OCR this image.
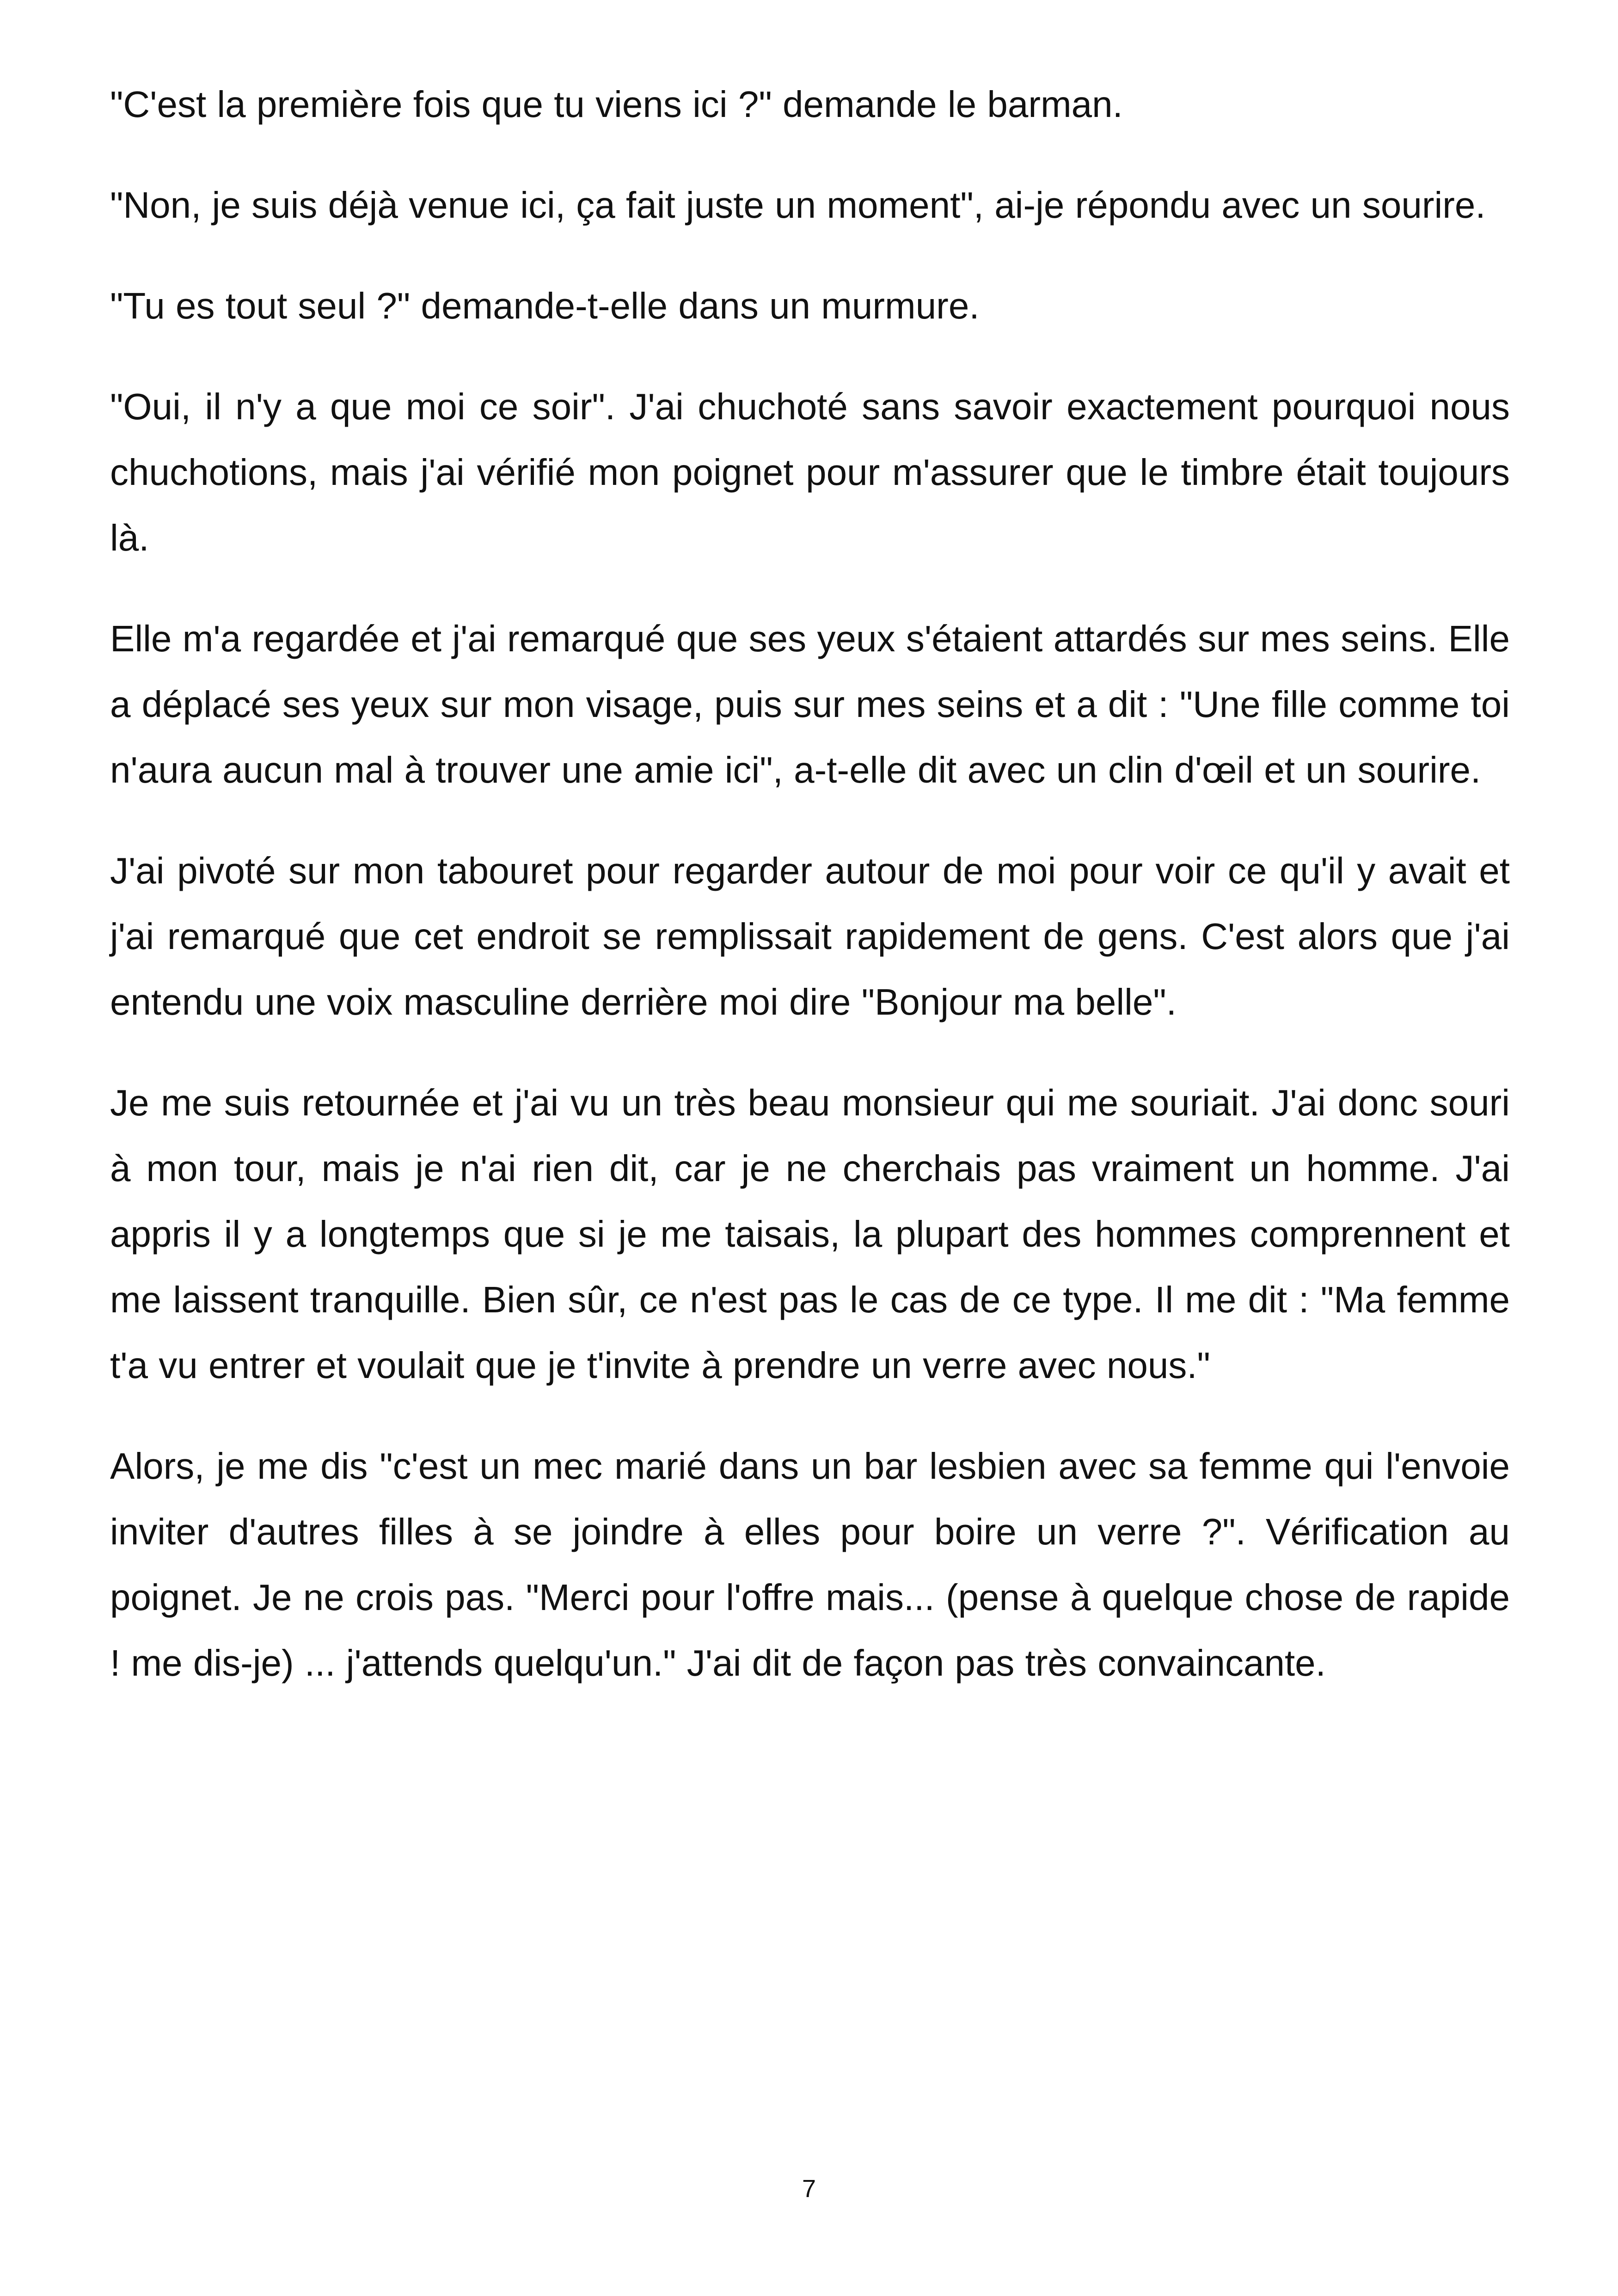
"C'est la première fois que tu viens ici ?" demande le barman.

"Non, je suis déjà venue ici, ça fait juste un moment", ai-je répondu avec un sourire.

"Tu es tout seul ?" demande-t-elle dans un murmure.

"Oui, il n'y a que moi ce soir". J'ai chuchoté sans savoir exactement pourquoi nous chuchotions, mais j'ai vérifié mon poignet pour m'assurer que le timbre était toujours là.

Elle m'a regardée et j'ai remarqué que ses yeux s'étaient attardés sur mes seins. Elle a déplacé ses yeux sur mon visage, puis sur mes seins et a dit : "Une fille comme toi n'aura aucun mal à trouver une amie ici", a-t-elle dit avec un clin d'œil et un sourire.

J'ai pivoté sur mon tabouret pour regarder autour de moi pour voir ce qu'il y avait et j'ai remarqué que cet endroit se remplissait rapidement de gens. C'est alors que j'ai entendu une voix masculine derrière moi dire "Bonjour ma belle".

Je me suis retournée et j'ai vu un très beau monsieur qui me souriait. J'ai donc souri à mon tour, mais je n'ai rien dit, car je ne cherchais pas vraiment un homme. J'ai appris il y a longtemps que si je me taisais, la plupart des hommes comprennent et me laissent tranquille. Bien sûr, ce n'est pas le cas de ce type. Il me dit : "Ma femme t'a vu entrer et voulait que je t'invite à prendre un verre avec nous."

Alors, je me dis "c'est un mec marié dans un bar lesbien avec sa femme qui l'envoie inviter d'autres filles à se joindre à elles pour boire un verre ?". Vérification au poignet. Je ne crois pas. "Merci pour l'offre mais... (pense à quelque chose de rapide ! me dis-je) ... j'attends quelqu'un." J'ai dit de façon pas très convaincante.

7
